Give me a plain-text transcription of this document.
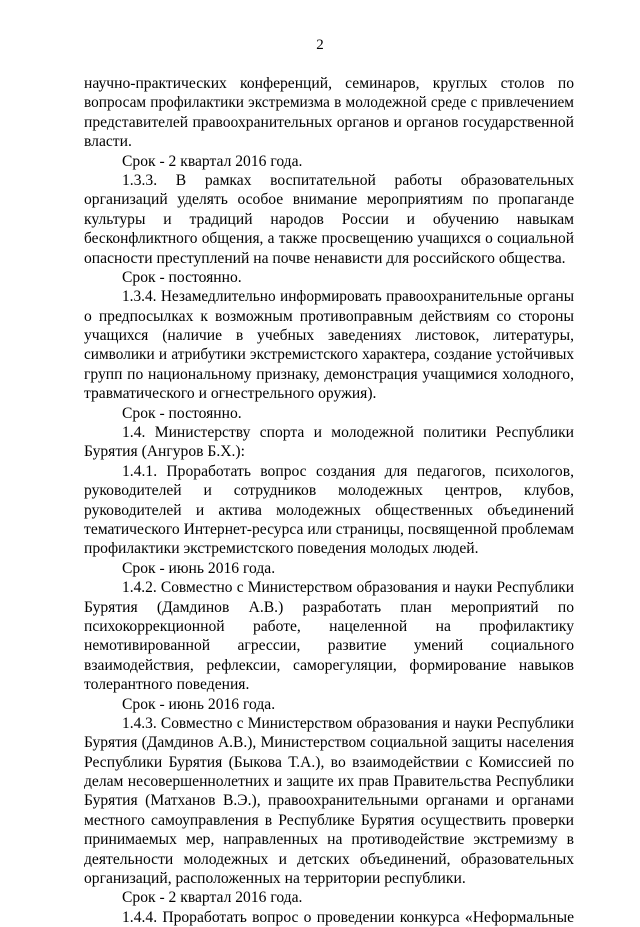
2
научно-практических конференций, семинаров, круглых столов по
вопросам профилактики экстремизма в молодежной среде с привлечением
представителей правоохранительных органов и органов государственной
власти.
Срок - 2 квартал 2016 года.
1.3.3. В рамках воспитательной работы образовательных
организаций уделять особое внимание мероприятиям по пропаганде
культуры и традиций народов России и обучению навыкам
бесконфликтного общения, а также просвещению учащихся о социальной
опасности преступлений на почве ненависти для российского общества.
Срок - постоянно.
1.3.4. Незамедлительно информировать правоохранительные органы
о предпосылках к возможным противоправным действиям со стороны
учащихся (наличие в учебных заведениях листовок, литературы,
символики и атрибутики экстремистского характера, создание устойчивых
групп по национальному признаку, демонстрация учащимися холодного,
травматического и огнестрельного оружия).
Срок - постоянно.
1.4. Министерству спорта и молодежной политики Республики
Бурятия (Ангуров Б.Х.):
1.4.1. Проработать вопрос создания для педагогов, психологов,
руководителей и сотрудников молодежных центров, клубов,
руководителей и актива молодежных общественных объединений
тематического Интернет-ресурса или страницы, посвященной проблемам
профилактики экстремистского поведения молодых людей.
Срок - июнь 2016 года.
1.4.2. Совместно с Министерством образования и науки Республики
Бурятия (Дамдинов А.В.) разработать план мероприятий по
психокоррекционной работе, нацеленной на профилактику
немотивированной агрессии, развитие умений социального
взаимодействия, рефлексии, саморегуляции, формирование навыков
толерантного поведения.
Срок - июнь 2016 года.
1.4.3. Совместно с Министерством образования и науки Республики
Бурятия (Дамдинов А.В.), Министерством социальной защиты населения
Республики Бурятия (Быкова Т.А.), во взаимодействии с Комиссией по
делам несовершеннолетних и защите их прав Правительства Республики
Бурятия (Матханов В.Э.), правоохранительными органами и органами
местного самоуправления в Республике Бурятия осуществить проверки
принимаемых мер, направленных на противодействие экстремизму в
деятельности молодежных и детских объединений, образовательных
организаций, расположенных на территории республики.
Срок - 2 квартал 2016 года.
1.4.4. Проработать вопрос о проведении конкурса «Неформальные
